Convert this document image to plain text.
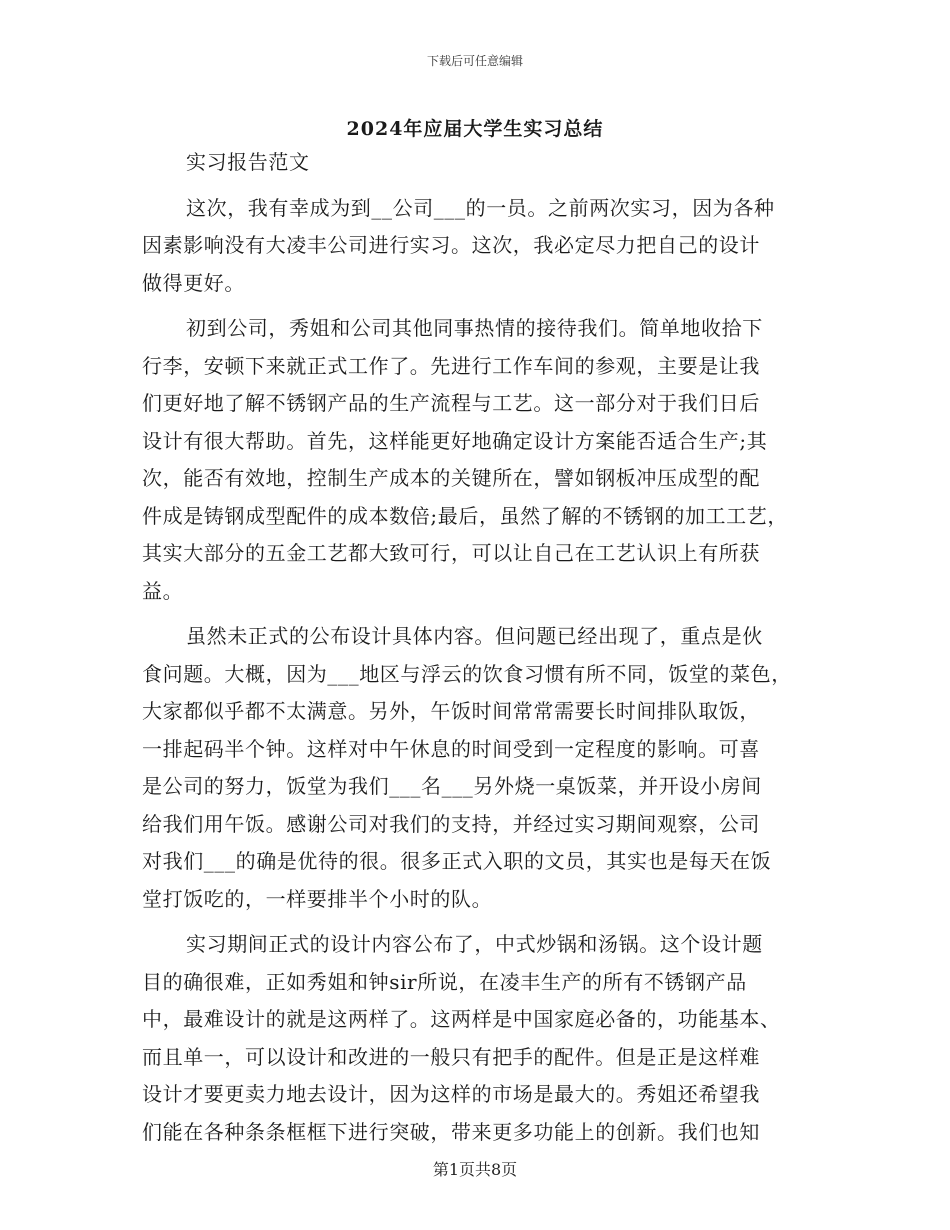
下载后可任意编辑
2024年应届大学生实习总结
实习报告范文
这次，我有幸成为到__公司___的一员。之前两次实习，因为各种
因素影响没有大凌丰公司进行实习。这次，我必定尽力把自己的设计
做得更好。
初到公司，秀姐和公司其他同事热情的接待我们。简单地收拾下
行李，安顿下来就正式工作了。先进行工作车间的参观，主要是让我
们更好地了解不锈钢产品的生产流程与工艺。这一部分对于我们日后
设计有很大帮助。首先，这样能更好地确定设计方案能否适合生产;其
次，能否有效地，控制生产成本的关键所在，譬如钢板冲压成型的配
件成是铸钢成型配件的成本数倍;最后，虽然了解的不锈钢的加工工艺，
其实大部分的五金工艺都大致可行，可以让自己在工艺认识上有所获
益。
虽然未正式的公布设计具体内容。但问题已经出现了，重点是伙
食问题。大概，因为___地区与浮云的饮食习惯有所不同，饭堂的菜色，
大家都似乎都不太满意。另外，午饭时间常常需要长时间排队取饭，
一排起码半个钟。这样对中午休息的时间受到一定程度的影响。可喜
是公司的努力，饭堂为我们___名___另外烧一桌饭菜，并开设小房间
给我们用午饭。感谢公司对我们的支持，并经过实习期间观察，公司
对我们___的确是优待的很。很多正式入职的文员，其实也是每天在饭
堂打饭吃的，一样要排半个小时的队。
实习期间正式的设计内容公布了，中式炒锅和汤锅。这个设计题
目的确很难，正如秀姐和钟sir所说，在凌丰生产的所有不锈钢产品
中，最难设计的就是这两样了。这两样是中国家庭必备的，功能基本、
而且单一，可以设计和改进的一般只有把手的配件。但是正是这样难
设计才要更卖力地去设计，因为这样的市场是最大的。秀姐还希望我
们能在各种条条框框下进行突破，带来更多功能上的创新。我们也知
第1页共8页
